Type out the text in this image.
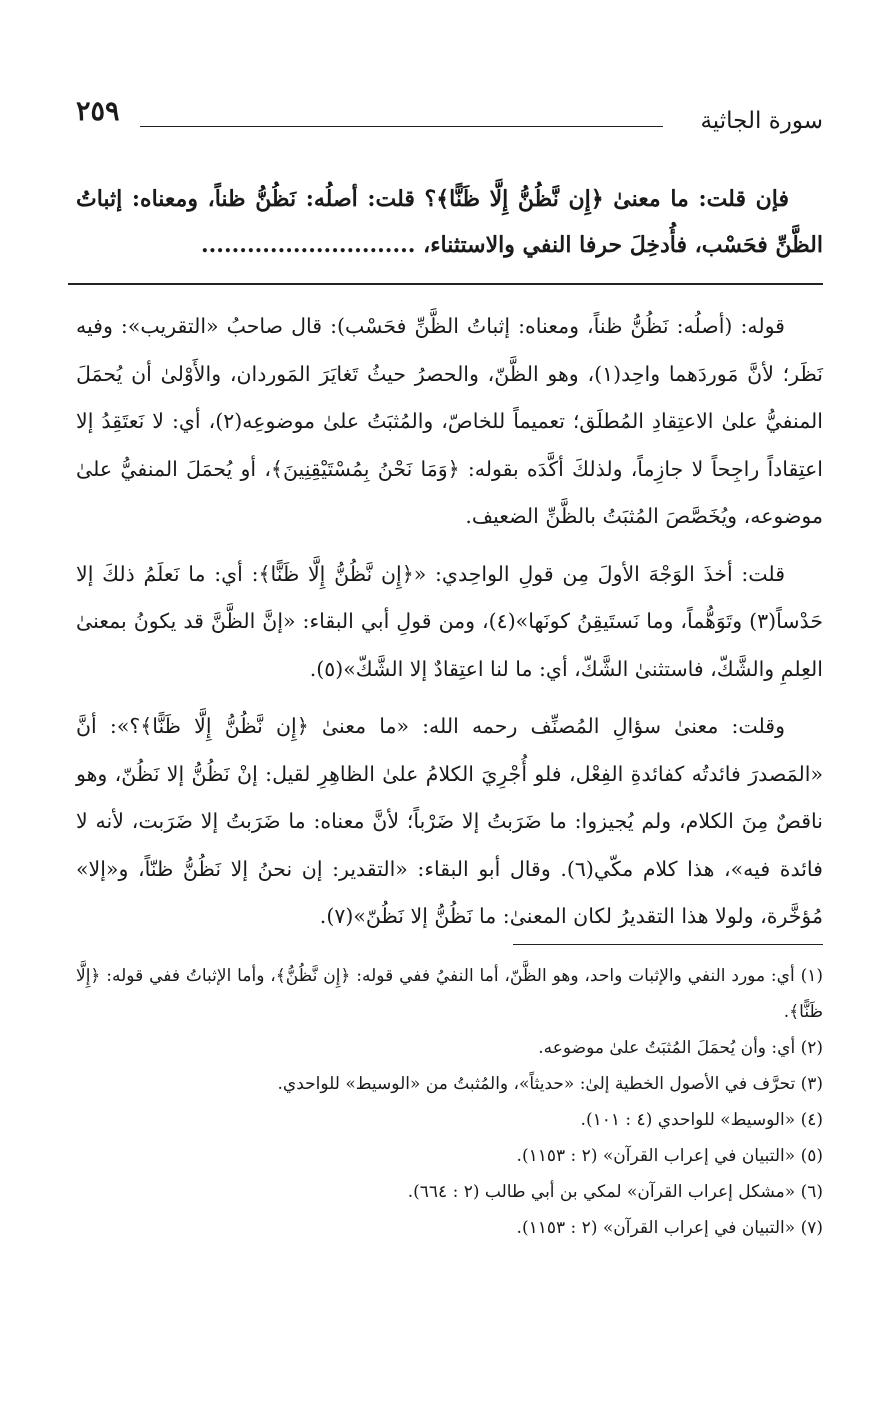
٢٥٩	سورة الجاثية

فإن قلت: ما معنىٰ ﴿إِن نَّظُنُّ إِلَّا ظَنًّا﴾؟ قلت: أصلُه: نَظُنُّ ظناً، ومعناه: إثباتُ الظَّنِّ فحَسْب، فأُدخِلَ حرفا النفي والاستثناء، ............................

قوله: (أصلُه: نَظُنُّ ظناً، ومعناه: إثباتُ الظَّنِّ فحَسْب): قال صاحبُ «التقريب»: وفيه نَظَر؛ لأنَّ مَوردَهما واحِد(١)، وهو الظَّنّ، والحصرُ حيثُ تَغايَرَ المَوردان، والأَوْلىٰ أن يُحمَلَ المنفيُّ علىٰ الاعتِقادِ المُطلَق؛ تعميماً للخاصّ، والمُثبَتُ علىٰ موضوعِه(٢)، أي: لا نَعتَقِدُ إلا اعتِقاداً راجِحاً لا جازِماً، ولذلكَ أكَّدَه بقوله: ﴿وَمَا نَحْنُ بِمُسْتَيْقِنِينَ﴾، أو يُحمَلَ المنفيُّ علىٰ موضوعه، ويُخَصَّصَ المُثبَتُ بالظَّنِّ الضعيف.

قلت: أخذَ الوَجْهَ الأولَ مِن قولِ الواحِدي: «﴿إِن نَّظُنُّ إِلَّا ظَنًّا﴾: أي: ما نَعلَمُ ذلكَ إلا حَدْساً(٣) وتَوَهُّماً، وما نَستَيقِنُ كونَها»(٤)، ومن قولِ أبي البقاء: «إنَّ الظَّنَّ قد يكونُ بمعنىٰ العِلمِ والشَّكّ، فاستثنىٰ الشَّكّ، أي: ما لنا اعتِقادٌ إلا الشَّكّ»(٥).

وقلت: معنىٰ سؤالِ المُصنِّف رحمه الله: «ما معنىٰ ﴿إِن نَّظُنُّ إِلَّا ظَنًّا﴾؟»: أنَّ «المَصدرَ فائدتُه كفائدةِ الفِعْل، فلو أُجْرِيَ الكلامُ علىٰ الظاهِرِ لقيل: إنْ نَظُنُّ إلا نَظُنّ، وهو ناقصٌ مِنَ الكلام، ولم يُجيزوا: ما ضَرَبتُ إلا ضَرْباً؛ لأنَّ معناه: ما ضَرَبتُ إلا ضَرَبت، لأنه لا فائدة فيه»، هذا كلام مكّي(٦). وقال أبو البقاء: «التقدير: إن نحنُ إلا نَظُنُّ ظنّاً، و«إلا» مُؤخَّرة، ولولا هذا التقديرُ لكان المعنىٰ: ما نَظُنُّ إلا نَظُنّ»(٧).

(١) أي: مورد النفي والإثبات واحد، وهو الظَّنّ، أما النفيُ ففي قوله: ﴿إِن نَّظُنُّ﴾، وأما الإثباتُ ففي قوله: ﴿إِلَّا ظَنًّا﴾.

(٢) أي: وأن يُحمَلَ المُثبَتُ علىٰ موضوعه.

(٣) تحرَّف في الأصول الخطية إلىٰ: «حديثاً»، والمُثبتُ من «الوسيط» للواحدي.

(٤) «الوسيط» للواحدي (٤ : ١٠١).

(٥) «التبيان في إعراب القرآن» (٢ : ١١٥٣).

(٦) «مشكل إعراب القرآن» لمكي بن أبي طالب (٢ : ٦٦٤).

(٧) «التبيان في إعراب القرآن» (٢ : ١١٥٣).
